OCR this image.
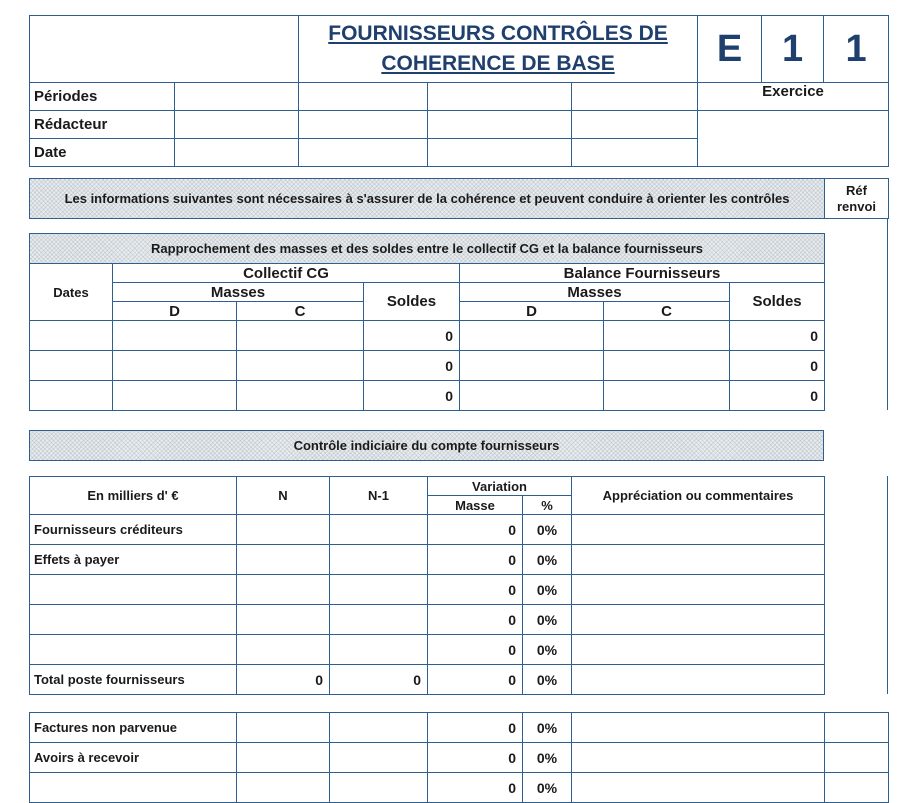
		FOURNISSEURS CONTRÔLES DE
COHERENCE DE BASE			E	1	1
Périodes					Exercice		
Rédacteur							
Date							
Les informations suivantes sont nécessaires à s'assurer de la cohérence et peuvent conduire à orienter les contrôles	Réf
renvoi
Rapprochement des masses et des soldes entre le collectif CG et la balance fournisseurs							
Dates	Collectif CG			Balance Fournisseurs			
	Masses		Soldes	Masses		Soldes	
	D	C		D	C		
			0			0	
			0			0	
			0			0	
Contrôle indiciaire du compte fournisseurs
En milliers d' €	N	N-1	Variation		Appréciation ou commentaires	
			Masse	%		
Fournisseurs créditeurs			0	0%		
Effets à payer			0	0%		
			0	0%		
			0	0%		
			0	0%		
Total poste fournisseurs	0	0	0	0%		
Factures non parvenue			0	0%		
Avoirs à recevoir			0	0%		
			0	0%		
